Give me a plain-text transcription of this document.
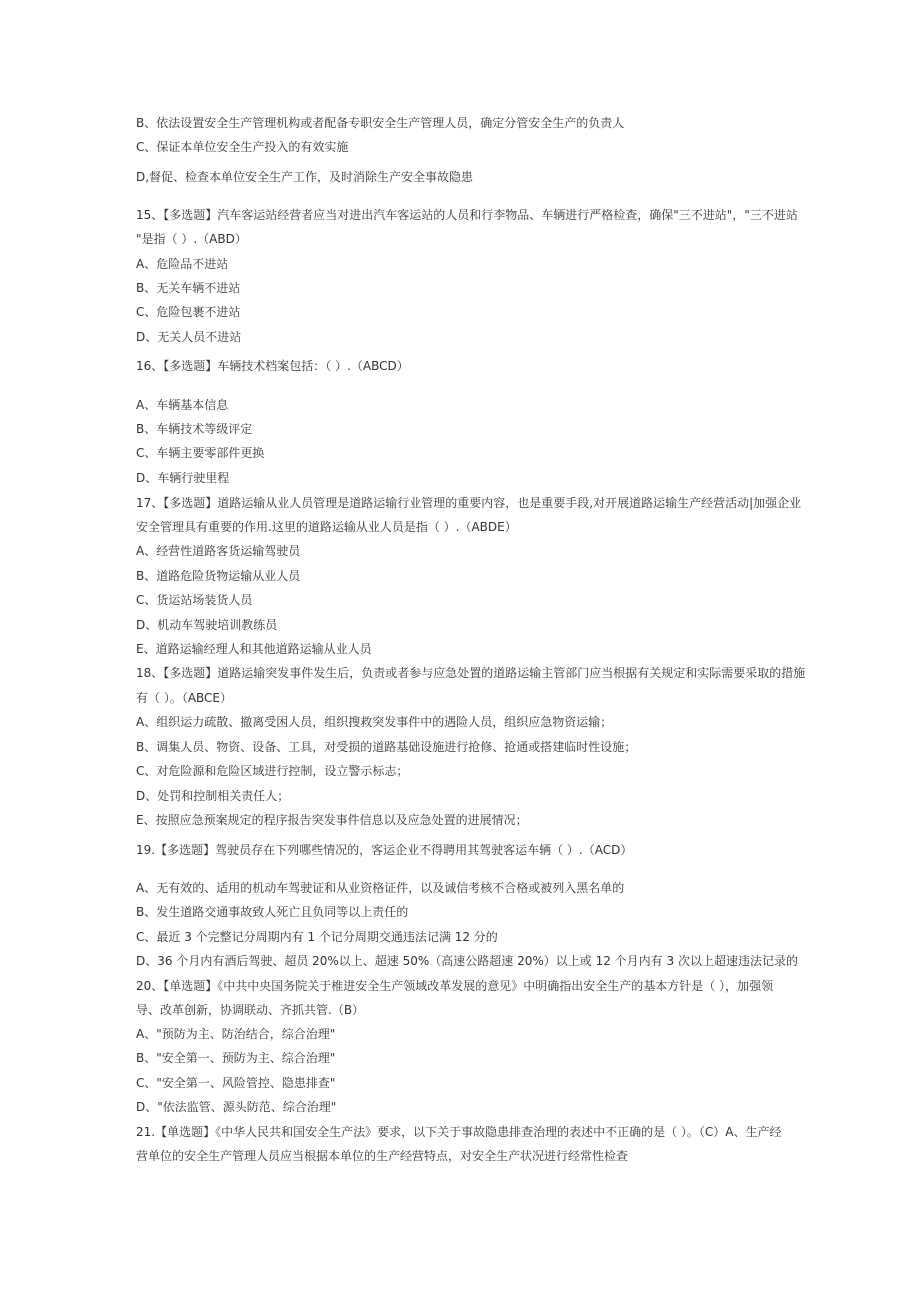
B、依法设置安全生产管理机构或者配备专职安全生产管理人员，确定分管安全生产的负责人
C、保证本单位安全生产投入的有效实施
D,督促、检查本单位安全生产工作，及时消除生产安全事故隐患
15、【多选题】汽车客运站经营者应当对进出汽车客运站的人员和行李物品、车辆进行严格检查，确保"三不进站"，"三不进站
"是指（ ）.（ABD）
A、危险品不进站
B、无关车辆不进站
C、危险包裹不进站
D、无关人员不进站
16、【多选题】车辆技术档案包括：（ ）.（ABCD）
A、车辆基本信息
B、车辆技术等级评定
C、车辆主要零部件更换
D、车辆行驶里程
17、【多选题】道路运输从业人员管理是道路运输行业管理的重要内容，也是重要手段,对开展道路运输生产经营活动|加强企业
安全管理具有重要的作用.这里的道路运输从业人员是指（ ）.（ABDE）
A、经营性道路客货运输驾驶员
B、道路危险货物运输从业人员
C、货运站场装货人员
D、机动车驾驶培训教练员
E、道路运输经理人和其他道路运输从业人员
18、【多选题】道路运输突发事件发生后，负责或者参与应急处置的道路运输主管部门应当根据有关规定和实际需要采取的措施
有（ ）。（ABCE）
A、组织运力疏散、撤离受困人员，组织搜救突发事件中的遇险人员，组织应急物资运输；
B、调集人员、物资、设备、工具，对受损的道路基础设施进行抢修、抢通或搭建临时性设施；
C、对危险源和危险区域进行控制，设立警示标志；
D、处罚和控制相关责任人；
E、按照应急预案规定的程序报告突发事件信息以及应急处置的进展情况；
19.【多选题】驾驶员存在下列哪些情况的，客运企业不得聘用其驾驶客运车辆（ ）.（ACD）
A、无有效的、适用的机动车驾驶证和从业资格证件，以及诚信考核不合格或被列入黑名单的
B、发生道路交通事故致人死亡且负同等以上责任的
C、最近 3 个完整记分周期内有 1 个记分周期交通违法记满 12 分的
D、36 个月内有酒后驾驶、超员 20%以上、超速 50%（高速公路超速 20%）以上或 12 个月内有 3 次以上超速违法记录的
20、【单选题】《中共中央国务院关于椎进安全生产领域改革发展的意见》中明确指出安全生产的基本方针是（ ），加强领
导、改革创新，协调联动、齐抓共管.（B）
A、"预防为主、防治结合，综合治理"
B、"安全第一、预防为主、综合治理"
C、"安全第一、风险管控、隐患排查"
D、"依法监管、源头防范、综合治理"
21.【单选题】《中华人民共和国安全生产法》要求，以下关于事故隐患排查治理的表述中不正确的是（ ）。（C）A、生产经
营单位的安全生产管理人员应当根据本单位的生产经营特点，对安全生产状况进行经常性检查
